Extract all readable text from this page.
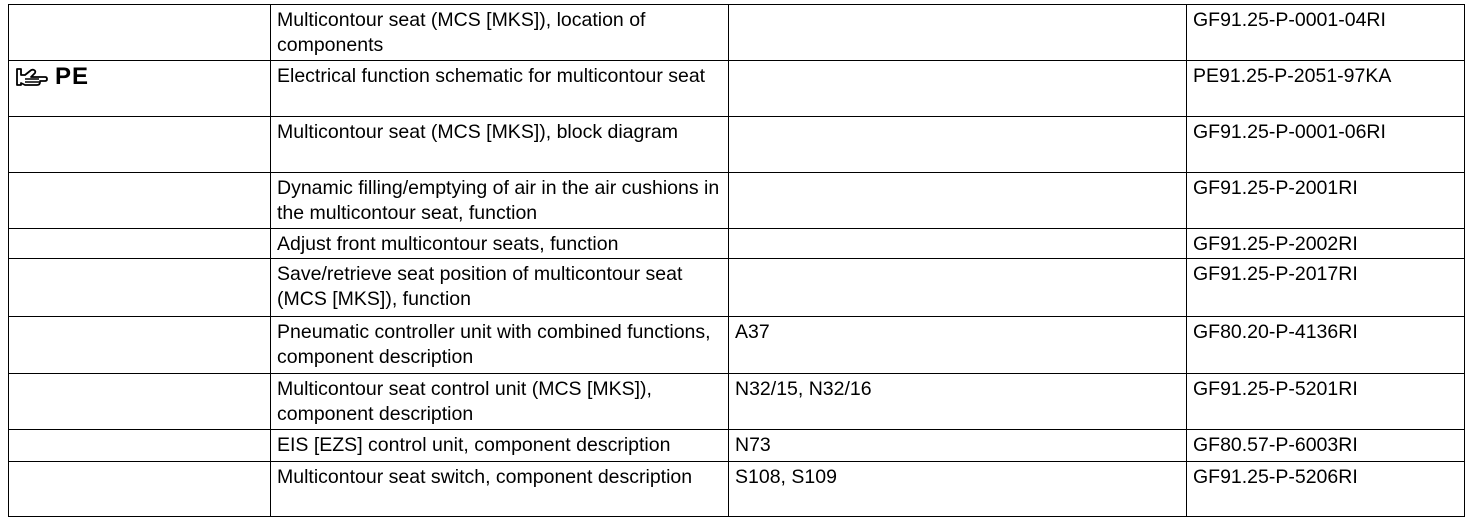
	Multicontour seat (MCS [MKS]), location of components		GF91.25-P-0001-04RI

PE	Electrical function schematic for multicontour seat		PE91.25-P-2051-97KA
	Multicontour seat (MCS [MKS]), block diagram		GF91.25-P-0001-06RI
	Dynamic filling/emptying of air in the air cushions in the multicontour seat, function		GF91.25-P-2001RI
	Adjust front multicontour seats, function		GF91.25-P-2002RI
	Save/retrieve seat position of multicontour seat (MCS [MKS]), function		GF91.25-P-2017RI
	Pneumatic controller unit with combined functions, component description	A37	GF80.20-P-4136RI
	Multicontour seat control unit (MCS [MKS]), component description	N32/15, N32/16	GF91.25-P-5201RI
	EIS [EZS] control unit, component description	N73	GF80.57-P-6003RI
	Multicontour seat switch, component description	S108, S109	GF91.25-P-5206RI
